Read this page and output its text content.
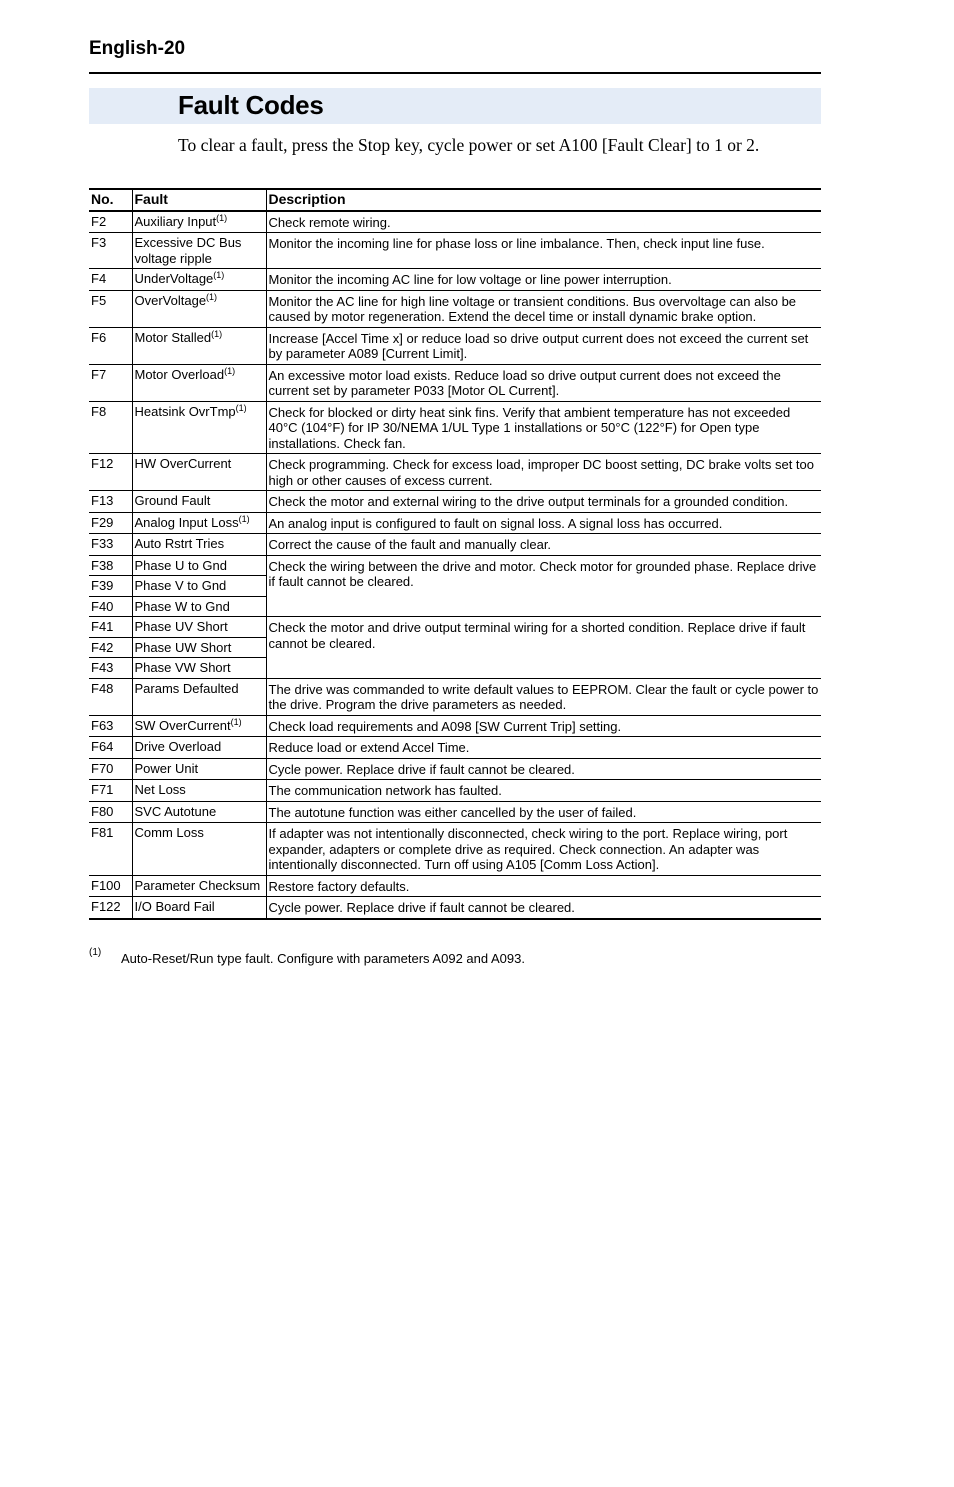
English-20
Fault Codes

To clear a fault, press the Stop key, cycle power or set A100 [Fault Clear] to 1 or 2.

No.	Fault	Description
F2	Auxiliary Input$^{(1)}$	Check remote wiring.
F3	Excessive DC Bus voltage ripple	Monitor the incoming line for phase loss or line imbalance. Then, check input line fuse.
F4	UnderVoltage$^{(1)}$	Monitor the incoming AC line for low voltage or line power interruption.
F5	OverVoltage$^{(1)}$	Monitor the AC line for high line voltage or transient conditions. Bus overvoltage can also be caused by motor regeneration. Extend the decel time or install dynamic brake option.
F6	Motor Stalled$^{(1)}$	Increase [Accel Time x] or reduce load so drive output current does not exceed the current set by parameter A089 [Current Limit].
F7	Motor Overload$^{(1)}$	An excessive motor load exists. Reduce load so drive output current does not exceed the current set by parameter P033 [Motor OL Current].
F8	Heatsink OvrTmp$^{(1)}$	Check for blocked or dirty heat sink fins. Verify that ambient temperature has not exceeded 40°C (104°F) for IP 30/NEMA 1/UL Type 1 installations or 50°C (122°F) for Open type installations. Check fan.
F12	HW OverCurrent	Check programming. Check for excess load, improper DC boost setting, DC brake volts set too high or other causes of excess current.
F13	Ground Fault	Check the motor and external wiring to the drive output terminals for a grounded condition.
F29	Analog Input Loss$^{(1)}$	An analog input is configured to fault on signal loss. A signal loss has occurred.
F33	Auto Rstrt Tries	Correct the cause of the fault and manually clear.
F38	Phase U to Gnd	Check the wiring between the drive and motor. Check motor for grounded phase. Replace drive if fault cannot be cleared.
F39	Phase V to Gnd	
F40	Phase W to Gnd	
F41	Phase UV Short	Check the motor and drive output terminal wiring for a shorted condition. Replace drive if fault cannot be cleared.
F42	Phase UW Short	
F43	Phase VW Short	
F48	Params Defaulted	The drive was commanded to write default values to EEPROM. Clear the fault or cycle power to the drive. Program the drive parameters as needed.
F63	SW OverCurrent$^{(1)}$	Check load requirements and A098 [SW Current Trip] setting.
F64	Drive Overload	Reduce load or extend Accel Time.
F70	Power Unit	Cycle power. Replace drive if fault cannot be cleared.
F71	Net Loss	The communication network has faulted.
F80	SVC Autotune	The autotune function was either cancelled by the user of failed.
F81	Comm Loss	If adapter was not intentionally disconnected, check wiring to the port. Replace wiring, port expander, adapters or complete drive as required. Check connection. An adapter was intentionally disconnected. Turn off using A105 [Comm Loss Action].
F100	Parameter Checksum	Restore factory defaults.
F122	I/O Board Fail	Cycle power. Replace drive if fault cannot be cleared.
(1) Auto-Reset/Run type fault. Configure with parameters A092 and A093.
